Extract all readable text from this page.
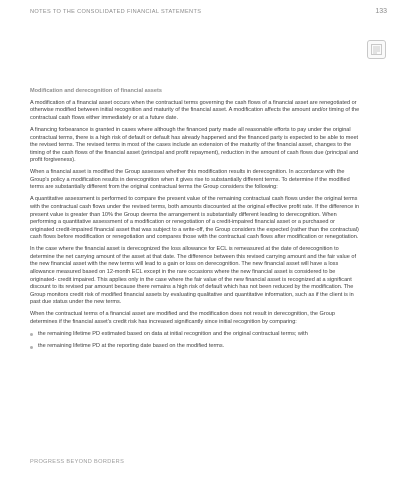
NOTES TO THE CONSOLIDATED FINANCIAL STATEMENTS	133

Modification and derecognition of financial assets

A modification of a financial asset occurs when the contractual terms governing the cash flows of a financial asset are renegotiated or otherwise modified between initial recognition and maturity of the financial asset. A modification affects the amount and/or timing of the contractual cash flows either immediately or at a future date.

A financing forbearance is granted in cases where although the financed party made all reasonable efforts to pay under the original contractual terms, there is a high risk of default or default has already happened and the financed party is expected to be able to meet the revised terms. The revised terms in most of the cases include an extension of the maturity of the financial asset, changes to the timing of the cash flows of the financial asset (principal and profit repayment), reduction in the amount of cash flows due (principal and profit forgiveness).

When a financial asset is modified the Group assesses whether this modification results in derecognition. In accordance with the Group's policy a modification results in derecognition when it gives rise to substantially different terms. To determine if the modified terms are substantially different from the original contractual terms the Group considers the following:

A quantitative assessment is performed to compare the present value of the remaining contractual cash flows under the original terms with the contractual cash flows under the revised terms, both amounts discounted at the original effective profit rate. If the difference in present value is greater than 10% the Group deems the arrangement is substantially different leading to derecognition. When performing a quantitative assessment of a modification or renegotiation of a credit-impaired financial asset or a purchased or originated credit-impaired financial asset that was subject to a write-off, the Group considers the expected (rather than the contractual) cash flows before modification or renegotiation and compares those with the contractual cash flows after modification or renegotiation.

In the case where the financial asset is derecognized the loss allowance for ECL is remeasured at the date of derecognition to determine the net carrying amount of the asset at that date. The difference between this revised carrying amount and the fair value of the new financial asset with the new terms will lead to a gain or loss on derecognition. The new financial asset will have a loss allowance measured based on 12-month ECL except in the rare occasions where the new financial asset is considered to be originated- credit impaired. This applies only in the case where the fair value of the new financial asset is recognized at a significant discount to its revised par amount because there remains a high risk of default which has not been reduced by the modification. The Group monitors credit risk of modified financial assets by evaluating qualitative and quantitative information, such as if the client is in past due status under the new terms.

When the contractual terms of a financial asset are modified and the modification does not result in derecognition, the Group determines if the financial asset's credit risk has increased significantly since initial recognition by comparing:

the remaining lifetime PD estimated based on data at initial recognition and the original contractual terms; with
the remaining lifetime PD at the reporting date based on the modified terms.
PROGRESS BEYOND BORDERS
